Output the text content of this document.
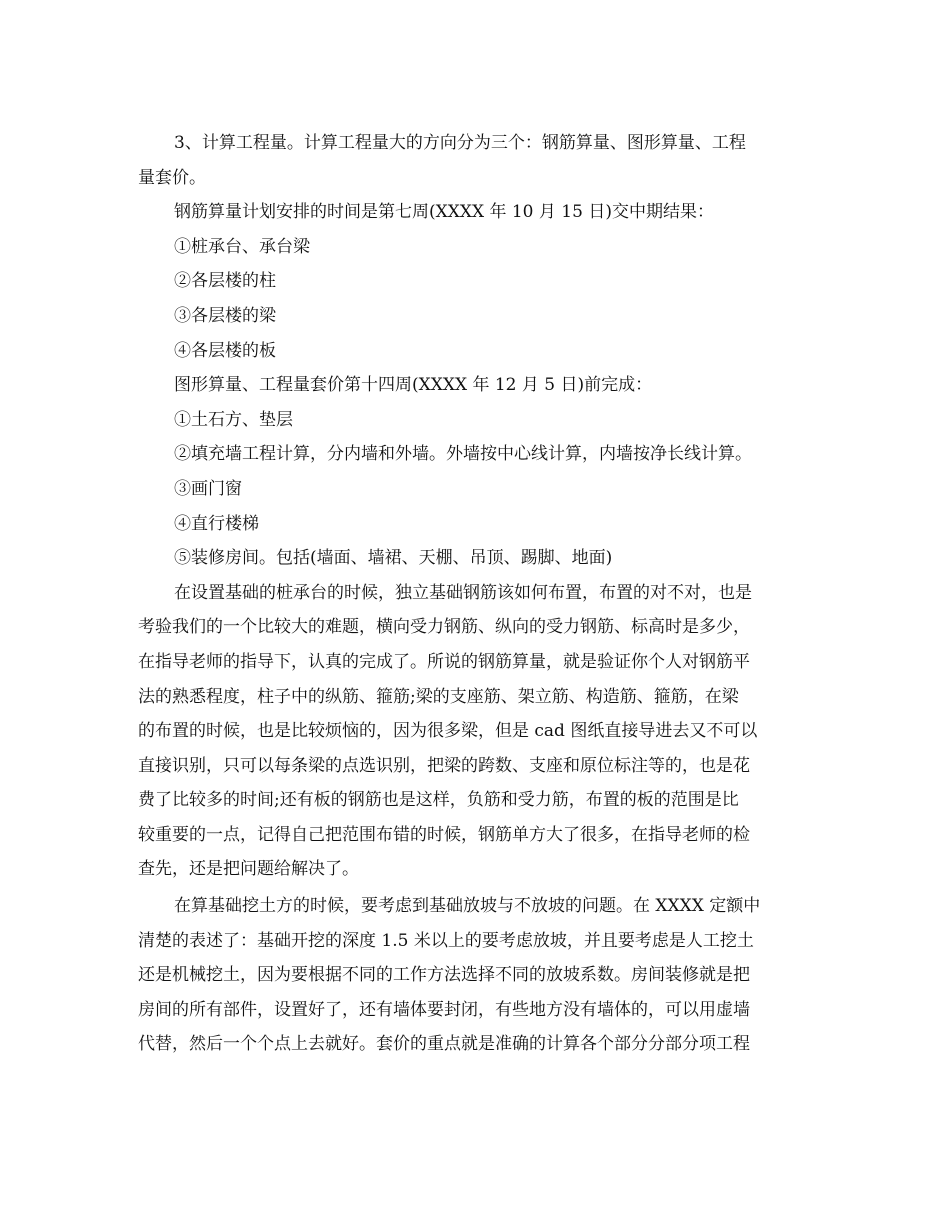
3、计算工程量。计算工程量大的方向分为三个：钢筋算量、图形算量、工程
量套价。
钢筋算量计划安排的时间是第七周(XXXX 年 10 月 15 日)交中期结果：
①桩承台、承台梁
②各层楼的柱
③各层楼的梁
④各层楼的板
图形算量、工程量套价第十四周(XXXX 年 12 月 5 日)前完成：
①土石方、垫层
②填充墙工程计算，分内墙和外墙。外墙按中心线计算，内墙按净长线计算。
③画门窗
④直行楼梯
⑤装修房间。包括(墙面、墙裙、天棚、吊顶、踢脚、地面)
在设置基础的桩承台的时候，独立基础钢筋该如何布置，布置的对不对，也是
考验我们的一个比较大的难题，横向受力钢筋、纵向的受力钢筋、标高时是多少，
在指导老师的指导下，认真的完成了。所说的钢筋算量，就是验证你个人对钢筋平
法的熟悉程度，柱子中的纵筋、箍筋;梁的支座筋、架立筋、构造筋、箍筋，在梁
的布置的时候，也是比较烦恼的，因为很多梁，但是 cad 图纸直接导进去又不可以
直接识别，只可以每条梁的点选识别，把梁的跨数、支座和原位标注等的，也是花
费了比较多的时间;还有板的钢筋也是这样，负筋和受力筋，布置的板的范围是比
较重要的一点，记得自己把范围布错的时候，钢筋单方大了很多，在指导老师的检
查先，还是把问题给解决了。
在算基础挖土方的时候，要考虑到基础放坡与不放坡的问题。在 XXXX 定额中
清楚的表述了：基础开挖的深度 1.5 米以上的要考虑放坡，并且要考虑是人工挖土
还是机械挖土，因为要根据不同的工作方法选择不同的放坡系数。房间装修就是把
房间的所有部件，设置好了，还有墙体要封闭，有些地方没有墙体的，可以用虚墙
代替，然后一个个点上去就好。套价的重点就是准确的计算各个部分分部分项工程
